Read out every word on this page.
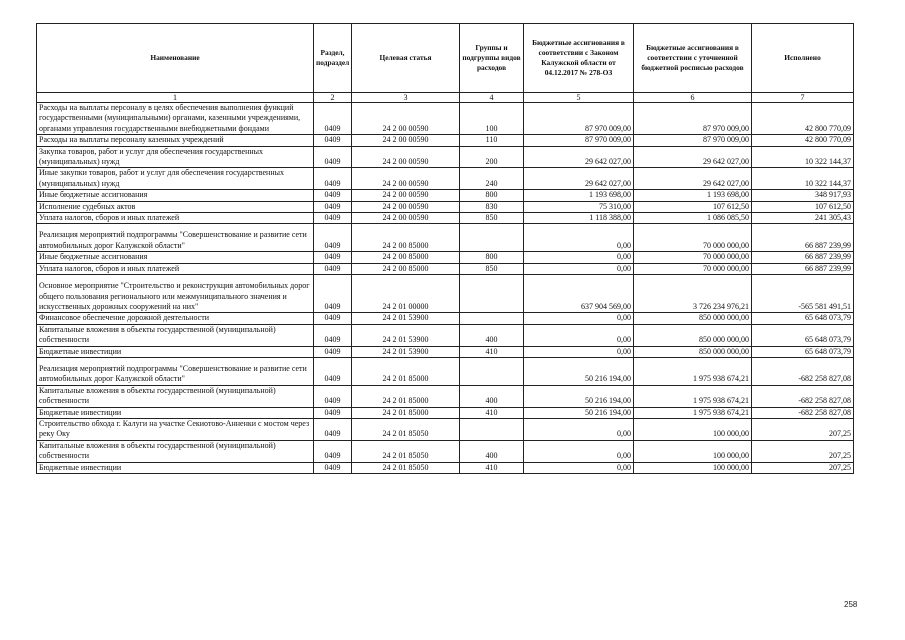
Наименование	Раздел, подраздел	Целевая статья	Группы и подгруппы видов расходов	Бюджетные ассигнования в соответствии с Законом Калужской области от 04.12.2017 № 278-ОЗ	Бюджетные ассигнования в соответствии с уточненной бюджетной росписью расходов	Исполнено
1	2	3	4	5	6	7
Расходы на выплаты персоналу в целях обеспечения выполнения функций государственными (муниципальными) органами, казенными учреждениями, органами управления государственными внебюджетными фондами	0409	24 2 00 00590	100	87 970 009,00	87 970 009,00	42 800 770,09
Расходы на выплаты персоналу казенных учреждений	0409	24 2 00 00590	110	87 970 009,00	87 970 009,00	42 800 770,09
Закупка товаров, работ и услуг для обеспечения государственных (муниципальных) нужд	0409	24 2 00 00590	200	29 642 027,00	29 642 027,00	10 322 144,37
Иные закупки товаров, работ и услуг для обеспечения государственных (муниципальных) нужд	0409	24 2 00 00590	240	29 642 027,00	29 642 027,00	10 322 144,37
Иные бюджетные ассигнования	0409	24 2 00 00590	800	1 193 698,00	1 193 698,00	348 917,93
Исполнение судебных актов	0409	24 2 00 00590	830	75 310,00	107 612,50	107 612,50
Уплата налогов, сборов и иных платежей	0409	24 2 00 00590	850	1 118 388,00	1 086 085,50	241 305,43
Реализация мероприятий подпрограммы "Совершенствование и развитие сети автомобильных дорог Калужской области"	0409	24 2 00 85000		0,00	70 000 000,00	66 887 239,99
Иные бюджетные ассигнования	0409	24 2 00 85000	800	0,00	70 000 000,00	66 887 239,99
Уплата налогов, сборов и иных платежей	0409	24 2 00 85000	850	0,00	70 000 000,00	66 887 239,99
Основное мероприятие "Строительство и реконструкция автомобильных дорог общего пользования регионального или межмуниципального значения и искусственных дорожных сооружений на них"	0409	24 2 01 00000		637 904 569,00	3 726 234 976,21	-565 581 491,51
Финансовое обеспечение дорожной деятельности	0409	24 2 01 53900		0,00	850 000 000,00	65 648 073,79
Капитальные вложения в объекты государственной (муниципальной) собственности	0409	24 2 01 53900	400	0,00	850 000 000,00	65 648 073,79
Бюджетные инвестиции	0409	24 2 01 53900	410	0,00	850 000 000,00	65 648 073,79
Реализация мероприятий подпрограммы "Совершенствование и развитие сети автомобильных дорог Калужской области"	0409	24 2 01 85000		50 216 194,00	1 975 938 674,21	-682 258 827,08
Капитальные вложения в объекты государственной (муниципальной) собственности	0409	24 2 01 85000	400	50 216 194,00	1 975 938 674,21	-682 258 827,08
Бюджетные инвестиции	0409	24 2 01 85000	410	50 216 194,00	1 975 938 674,21	-682 258 827,08
Строительство обхода г. Калуги на участке Секиотово-Анненки с мостом через реку Оку	0409	24 2 01 85050		0,00	100 000,00	207,25
Капитальные вложения в объекты государственной (муниципальной) собственности	0409	24 2 01 85050	400	0,00	100 000,00	207,25
Бюджетные инвестиции	0409	24 2 01 85050	410	0,00	100 000,00	207,25
258
